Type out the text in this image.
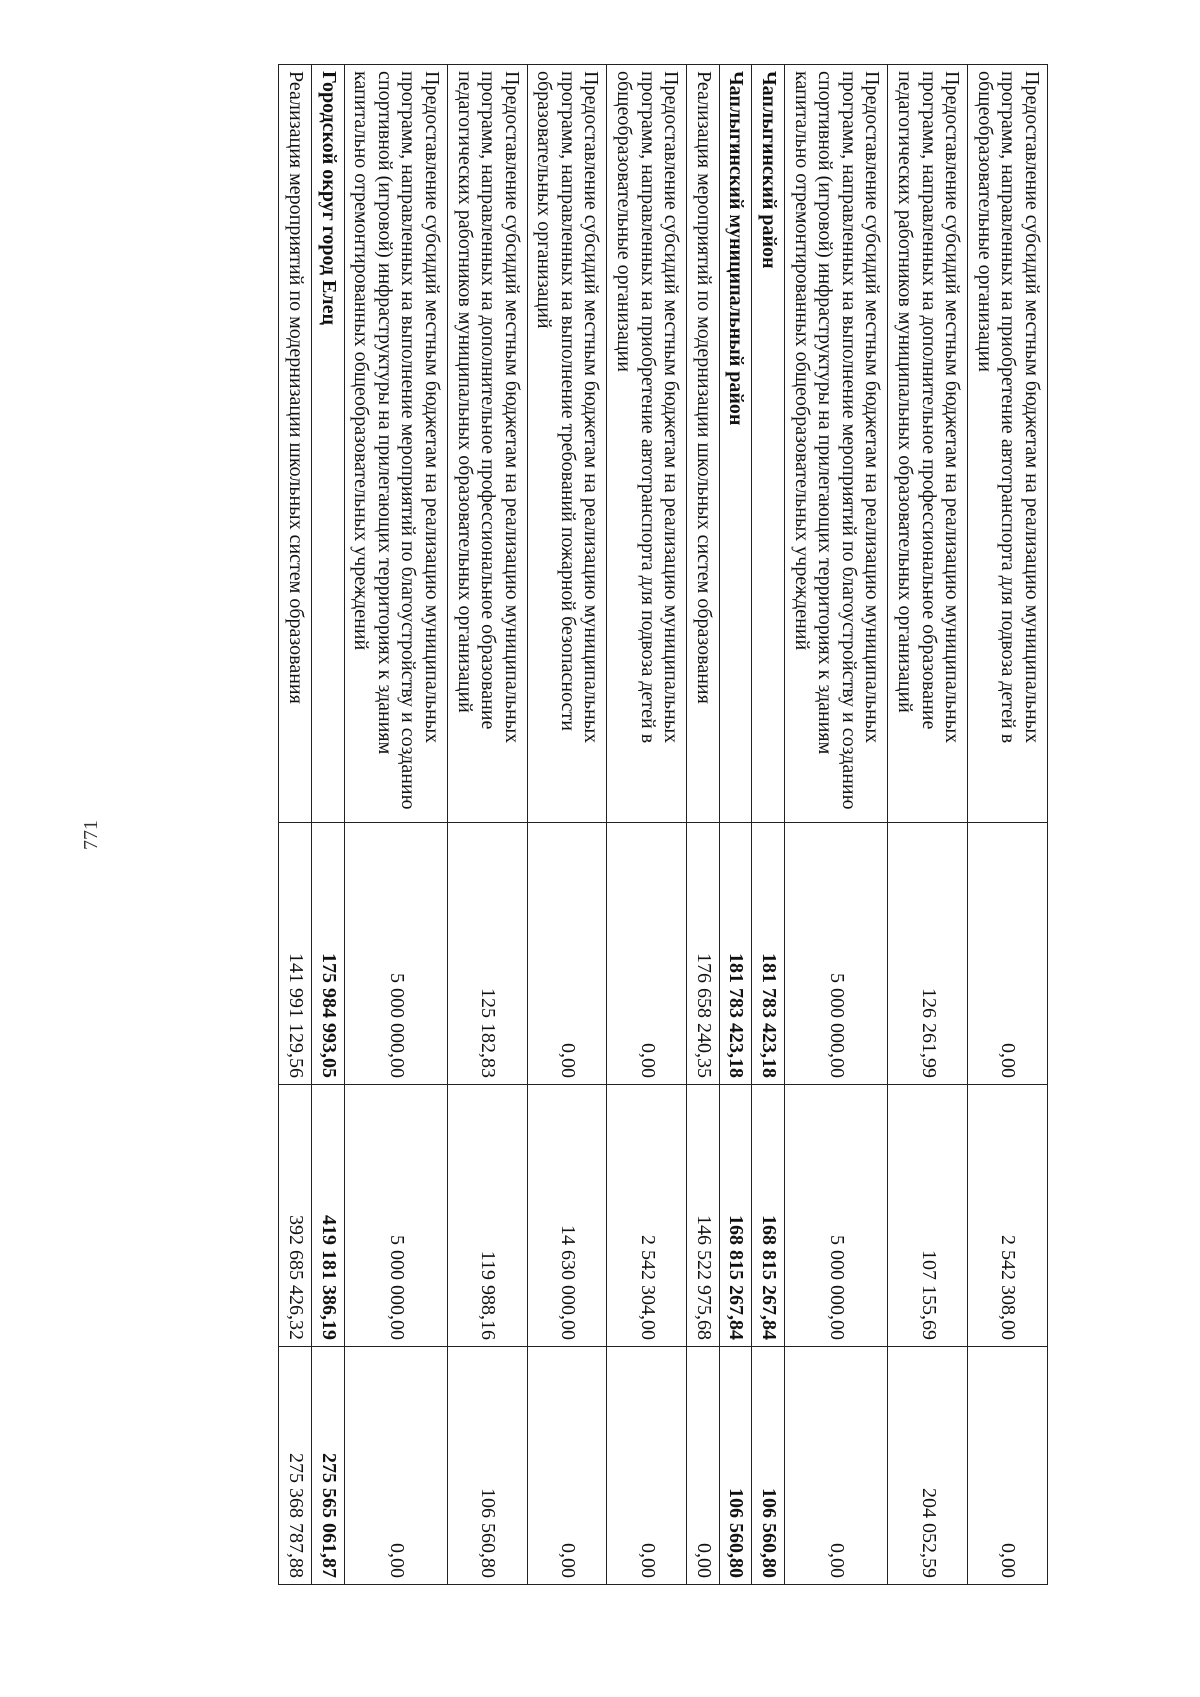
771
Предоставление субсидий местным бюджетам на реализацию муниципальных программ, направленных на приобретение автотранспорта для подвоза детей в общеобразовательные организации	0,00	2 542 308,00	0,00
Предоставление субсидий местным бюджетам на реализацию муниципальных программ, направленных на дополнительное профессиональное образование педагогических работников муниципальных образовательных организаций	126 261,99	107 155,69	204 052,59
Предоставление субсидий местным бюджетам на реализацию муниципальных программ, направленных на выполнение мероприятий по благоустройству и созданию спортивной (игровой) инфраструктуры на прилегающих территориях к зданиям капитально отремонтированных общеобразовательных учреждений	5 000 000,00	5 000 000,00	0,00
Чаплыгинский район	181 783 423,18	168 815 267,84	106 560,80
Чаплыгинский муниципальный район	181 783 423,18	168 815 267,84	106 560,80
Реализация мероприятий по модернизации школьных систем образования	176 658 240,35	146 522 975,68	0,00
Предоставление субсидий местным бюджетам на реализацию муниципальных программ, направленных на приобретение автотранспорта для подвоза детей в общеобразовательные организации	0,00	2 542 304,00	0,00
Предоставление субсидий местным бюджетам на реализацию муниципальных программ, направленных на выполнение требований пожарной безопасности образовательных организаций	0,00	14 630 000,00	0,00
Предоставление субсидий местным бюджетам на реализацию муниципальных программ, направленных на дополнительное профессиональное образование педагогических работников муниципальных образовательных организаций	125 182,83	119 988,16	106 560,80
Предоставление субсидий местным бюджетам на реализацию муниципальных программ, направленных на выполнение мероприятий по благоустройству и созданию спортивной (игровой) инфраструктуры на прилегающих территориях к зданиям капитально отремонтированных общеобразовательных учреждений	5 000 000,00	5 000 000,00	0,00
Городской округ город Елец	175 984 993,05	419 181 386,19	275 565 061,87
Реализация мероприятий по модернизации школьных систем образования	141 991 129,56	392 685 426,32	275 368 787,88
